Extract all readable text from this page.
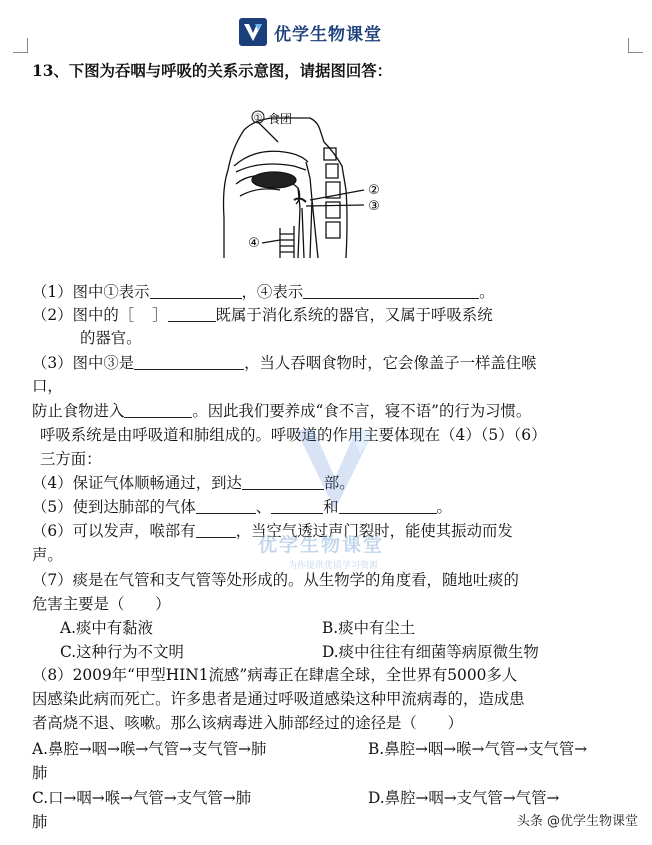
优学生物课堂
13、下图为吞咽与呼吸的关系示意图，请据图回答：
① 食团
②
③
④
（1）图中①表示	，④表示	。
（2）图中的［ ］	既属于消化系统的器官，又属于呼吸系统
的器官。
（3）图中③是	，当人吞咽食物时，它会像盖子一样盖住喉
口，
防止食物进入	。因此我们要养成“食不言，寝不语”的行为习惯。
呼吸系统是由呼吸道和肺组成的。呼吸道的作用主要体现在（4）（5）（6）
三方面：
（4）保证气体顺畅通过，到达	部。
（5）使到达肺部的气体	、	和	。
（6）可以发声，喉部有	，当空气透过声门裂时，能使其振动而发
声。
（7）痰是在气管和支气管等处形成的。从生物学的角度看，随地吐痰的
危害主要是（　　）
A.痰中有黏液	B.痰中有尘土
C.这种行为不文明	D.痰中往往有细菌等病原微生物
（8）2009年“甲型HIN1流感”病毒正在肆虐全球，全世界有5000多人
因感染此病而死亡。许多患者是通过呼吸道感染这种甲流病毒的，造成患
者高烧不退、咳嗽。那么该病毒进入肺部经过的途径是（　　）
A.鼻腔→咽→喉→气管→支气管→肺	B.鼻腔→咽→喉→气管→支气管→
肺
C.口→咽→喉→气管→支气管→肺	D.鼻腔→咽→支气管→气管→
肺
优学生物课堂
为你提供优质学习资源
头条 @优学生物课堂
